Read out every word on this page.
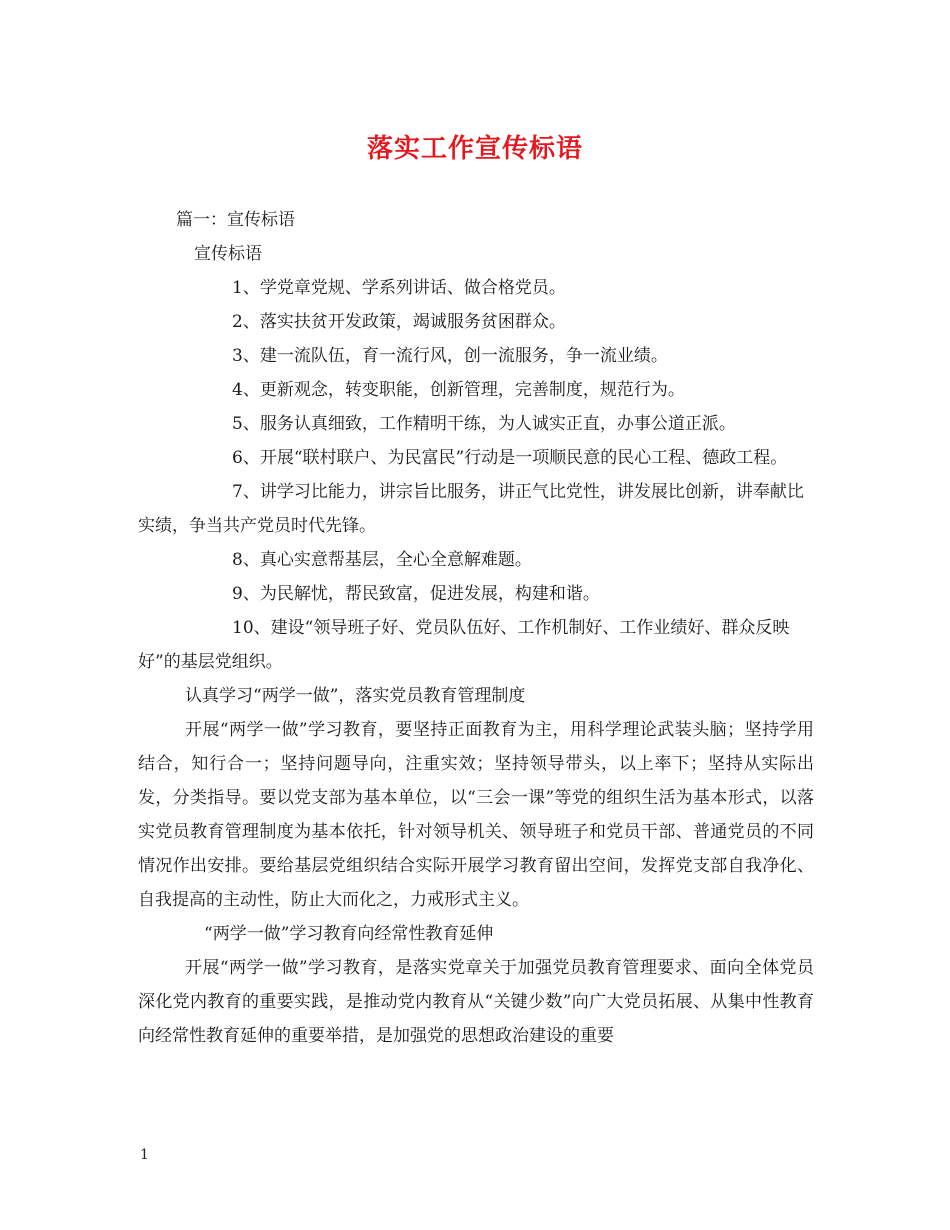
落实工作宣传标语

篇一：宣传标语

宣传标语

1、学党章党规、学系列讲话、做合格党员。

2、落实扶贫开发政策，竭诚服务贫困群众。

3、建一流队伍，育一流行风，创一流服务，争一流业绩。

4、更新观念，转变职能，创新管理，完善制度，规范行为。

5、服务认真细致，工作精明干练，为人诚实正直，办事公道正派。

6、开展“联村联户、为民富民”行动是一项顺民意的民心工程、德政工程。

7、讲学习比能力，讲宗旨比服务，讲正气比党性，讲发展比创新，讲奉献比实绩，争当共产党员时代先锋。

8、真心实意帮基层，全心全意解难题。

9、为民解忧，帮民致富，促进发展，构建和谐。

10、建设“领导班子好、党员队伍好、工作机制好、工作业绩好、群众反映好”的基层党组织。

认真学习“两学一做”，落实党员教育管理制度

开展“两学一做”学习教育，要坚持正面教育为主，用科学理论武装头脑；坚持学用结合，知行合一；坚持问题导向，注重实效；坚持领导带头，以上率下；坚持从实际出发，分类指导。要以党支部为基本单位，以“三会一课”等党的组织生活为基本形式，以落实党员教育管理制度为基本依托，针对领导机关、领导班子和党员干部、普通党员的不同情况作出安排。要给基层党组织结合实际开展学习教育留出空间，发挥党支部自我净化、自我提高的主动性，防止大而化之，力戒形式主义。

“两学一做”学习教育向经常性教育延伸

开展“两学一做”学习教育，是落实党章关于加强党员教育管理要求、面向全体党员深化党内教育的重要实践，是推动党内教育从“关键少数”向广大党员拓展、从集中性教育向经常性教育延伸的重要举措，是加强党的思想政治建设的重要

1
